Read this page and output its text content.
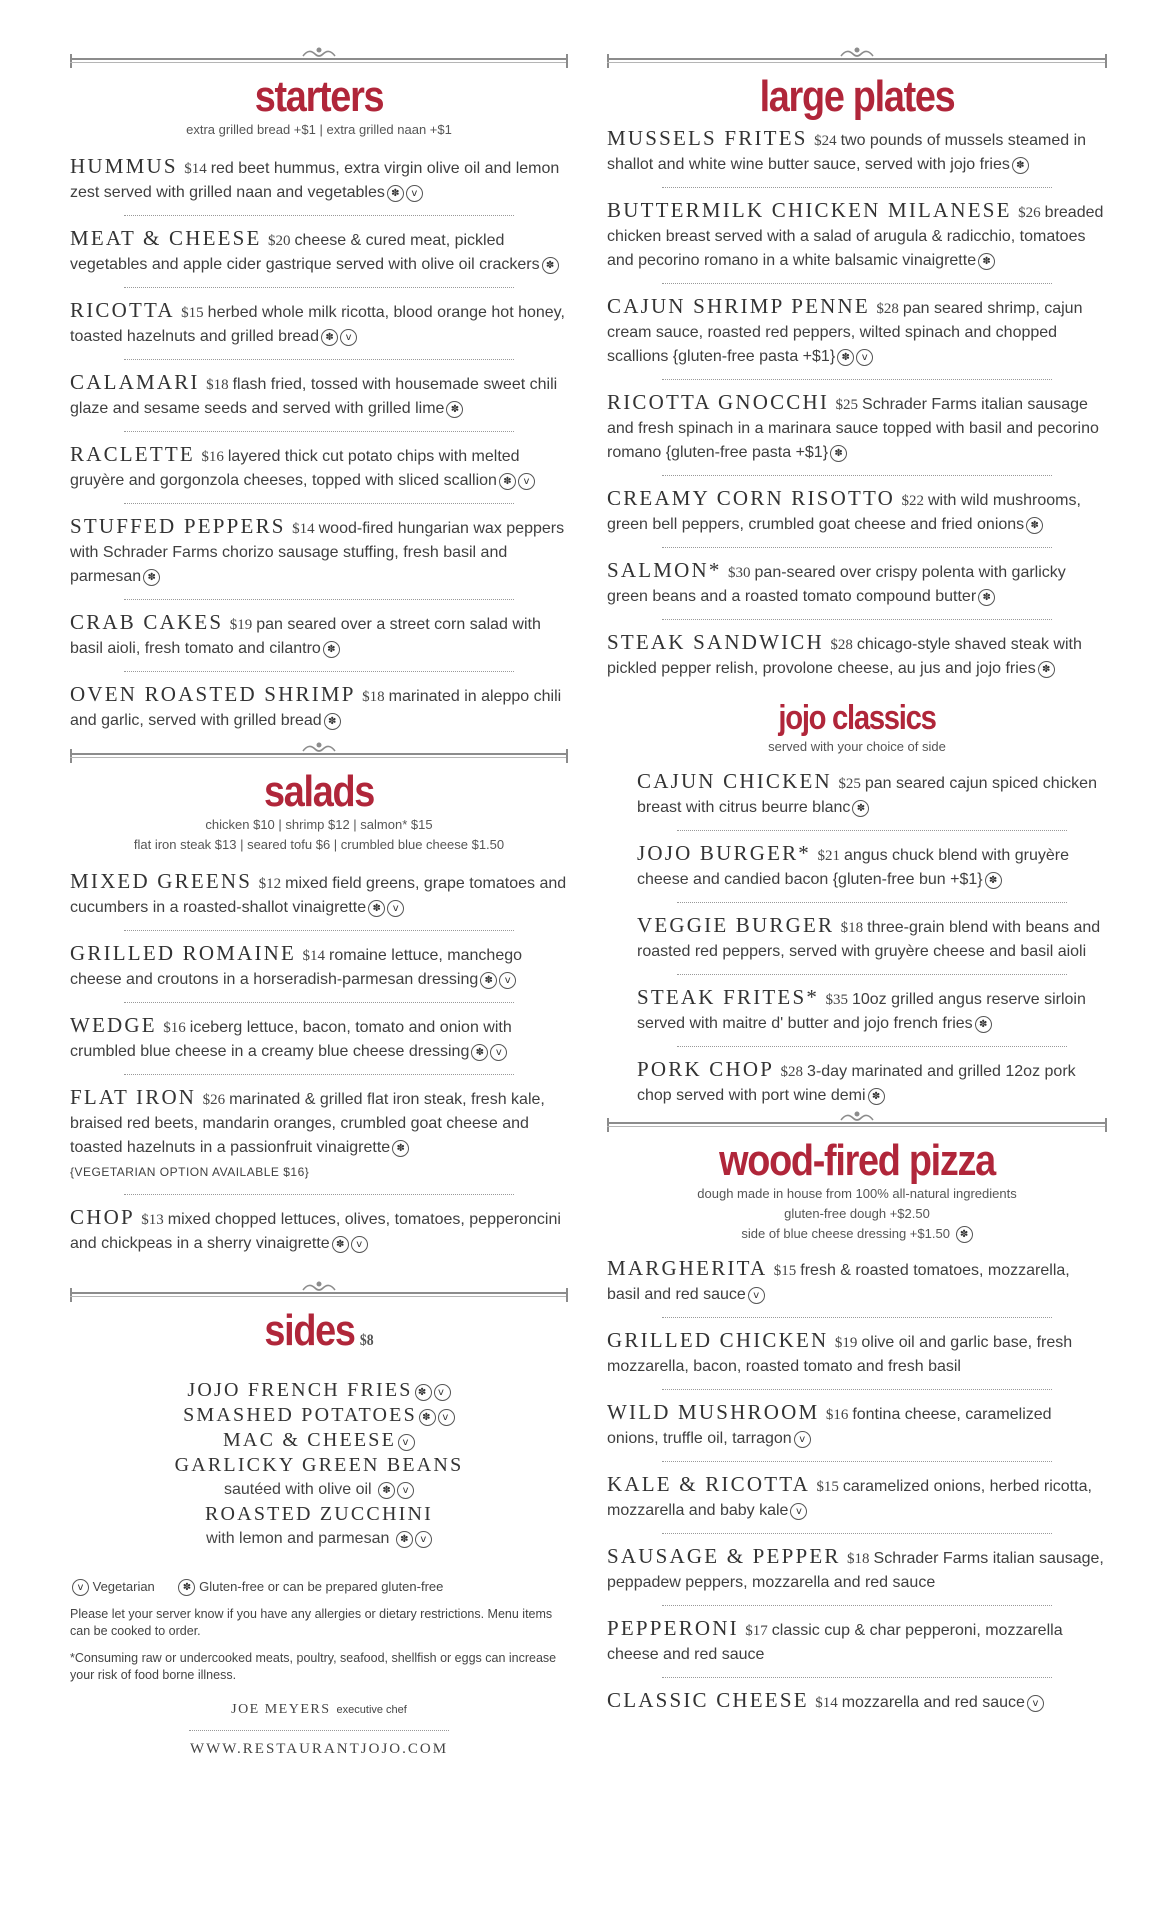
starters
extra grilled bread +$1 | extra grilled naan +$1
HUMMUS $14 red beet hummus, extra virgin olive oil and lemon zest served with grilled naan and vegetables ✽ v
MEAT & CHEESE $20 cheese & cured meat, pickled vegetables and apple cider gastrique served with olive oil crackers ✽
RICOTTA $15 herbed whole milk ricotta, blood orange hot honey, toasted hazelnuts and grilled bread ✽ v
CALAMARI $18 flash fried, tossed with housemade sweet chili glaze and sesame seeds and served with grilled lime ✽
RACLETTE $16 layered thick cut potato chips with melted gruyère and gorgonzola cheeses, topped with sliced scallion ✽ v
STUFFED PEPPERS $14 wood-fired hungarian wax peppers with Schrader Farms chorizo sausage stuffing, fresh basil and parmesan ✽
CRAB CAKES $19 pan seared over a street corn salad with basil aioli, fresh tomato and cilantro ✽
OVEN ROASTED SHRIMP $18 marinated in aleppo chili and garlic, served with grilled bread ✽
salads
chicken $10 | shrimp $12 | salmon* $15
flat iron steak $13 | seared tofu $6 | crumbled blue cheese $1.50
MIXED GREENS $12 mixed field greens, grape tomatoes and cucumbers in a roasted-shallot vinaigrette ✽ v
GRILLED ROMAINE $14 romaine lettuce, manchego cheese and croutons in a horseradish-parmesan dressing ✽ v
WEDGE $16 iceberg lettuce, bacon, tomato and onion with crumbled blue cheese in a creamy blue cheese dressing ✽ v
FLAT IRON $26 marinated & grilled flat iron steak, fresh kale, braised red beets, mandarin oranges, crumbled goat cheese and toasted hazelnuts in a passionfruit vinaigrette ✽
{VEGETARIAN OPTION AVAILABLE $16}
CHOP $13 mixed chopped lettuces, olives, tomatoes, pepperoncini and chickpeas in a sherry vinaigrette ✽ v
sides $8
JOJO FRENCH FRIES ✽ v
SMASHED POTATOES ✽ v
MAC & CHEESE v
GARLICKY GREEN BEANS
sautéed with olive oil ✽ v
ROASTED ZUCCHINI
with lemon and parmesan ✽ v
v Vegetarian	✽ Gluten-free or can be prepared gluten-free
Please let your server know if you have any allergies or dietary restrictions. Menu items can be cooked to order.
*Consuming raw or undercooked meats, poultry, seafood, shellfish or eggs can increase your risk of food borne illness.
JOE MEYERS executive chef
WWW.RESTAURANTJOJO.COM
large plates
MUSSELS FRITES $24 two pounds of mussels steamed in shallot and white wine butter sauce, served with jojo fries ✽
BUTTERMILK CHICKEN MILANESE $26 breaded chicken breast served with a salad of arugula & radicchio, tomatoes and pecorino romano in a white balsamic vinaigrette ✽
CAJUN SHRIMP PENNE $28 pan seared shrimp, cajun cream sauce, roasted red peppers, wilted spinach and chopped scallions {gluten-free pasta +$1} ✽ v
RICOTTA GNOCCHI $25 Schrader Farms italian sausage and fresh spinach in a marinara sauce topped with basil and pecorino romano {gluten-free pasta +$1} ✽
CREAMY CORN RISOTTO $22 with wild mushrooms, green bell peppers, crumbled goat cheese and fried onions ✽
SALMON* $30 pan-seared over crispy polenta with garlicky green beans and a roasted tomato compound butter ✽
STEAK SANDWICH $28 chicago-style shaved steak with pickled pepper relish, provolone cheese, au jus and jojo fries ✽
jojo classics
served with your choice of side
CAJUN CHICKEN $25 pan seared cajun spiced chicken breast with citrus beurre blanc ✽
JOJO BURGER* $21 angus chuck blend with gruyère cheese and candied bacon {gluten-free bun +$1} ✽
VEGGIE BURGER $18 three-grain blend with beans and roasted red peppers, served with gruyère cheese and basil aioli
STEAK FRITES* $35 10oz grilled angus reserve sirloin served with maitre d' butter and jojo french fries ✽
PORK CHOP $28 3-day marinated and grilled 12oz pork chop served with port wine demi ✽
wood-fired pizza
dough made in house from 100% all-natural ingredients
gluten-free dough +$2.50
side of blue cheese dressing +$1.50 ✽
MARGHERITA $15 fresh & roasted tomatoes, mozzarella, basil and red sauce v
GRILLED CHICKEN $19 olive oil and garlic base, fresh mozzarella, bacon, roasted tomato and fresh basil
WILD MUSHROOM $16 fontina cheese, caramelized onions, truffle oil, tarragon v
KALE & RICOTTA $15 caramelized onions, herbed ricotta, mozzarella and baby kale v
SAUSAGE & PEPPER $18 Schrader Farms italian sausage, peppadew peppers, mozzarella and red sauce
PEPPERONI $17 classic cup & char pepperoni, mozzarella cheese and red sauce
CLASSIC CHEESE $14 mozzarella and red sauce v
